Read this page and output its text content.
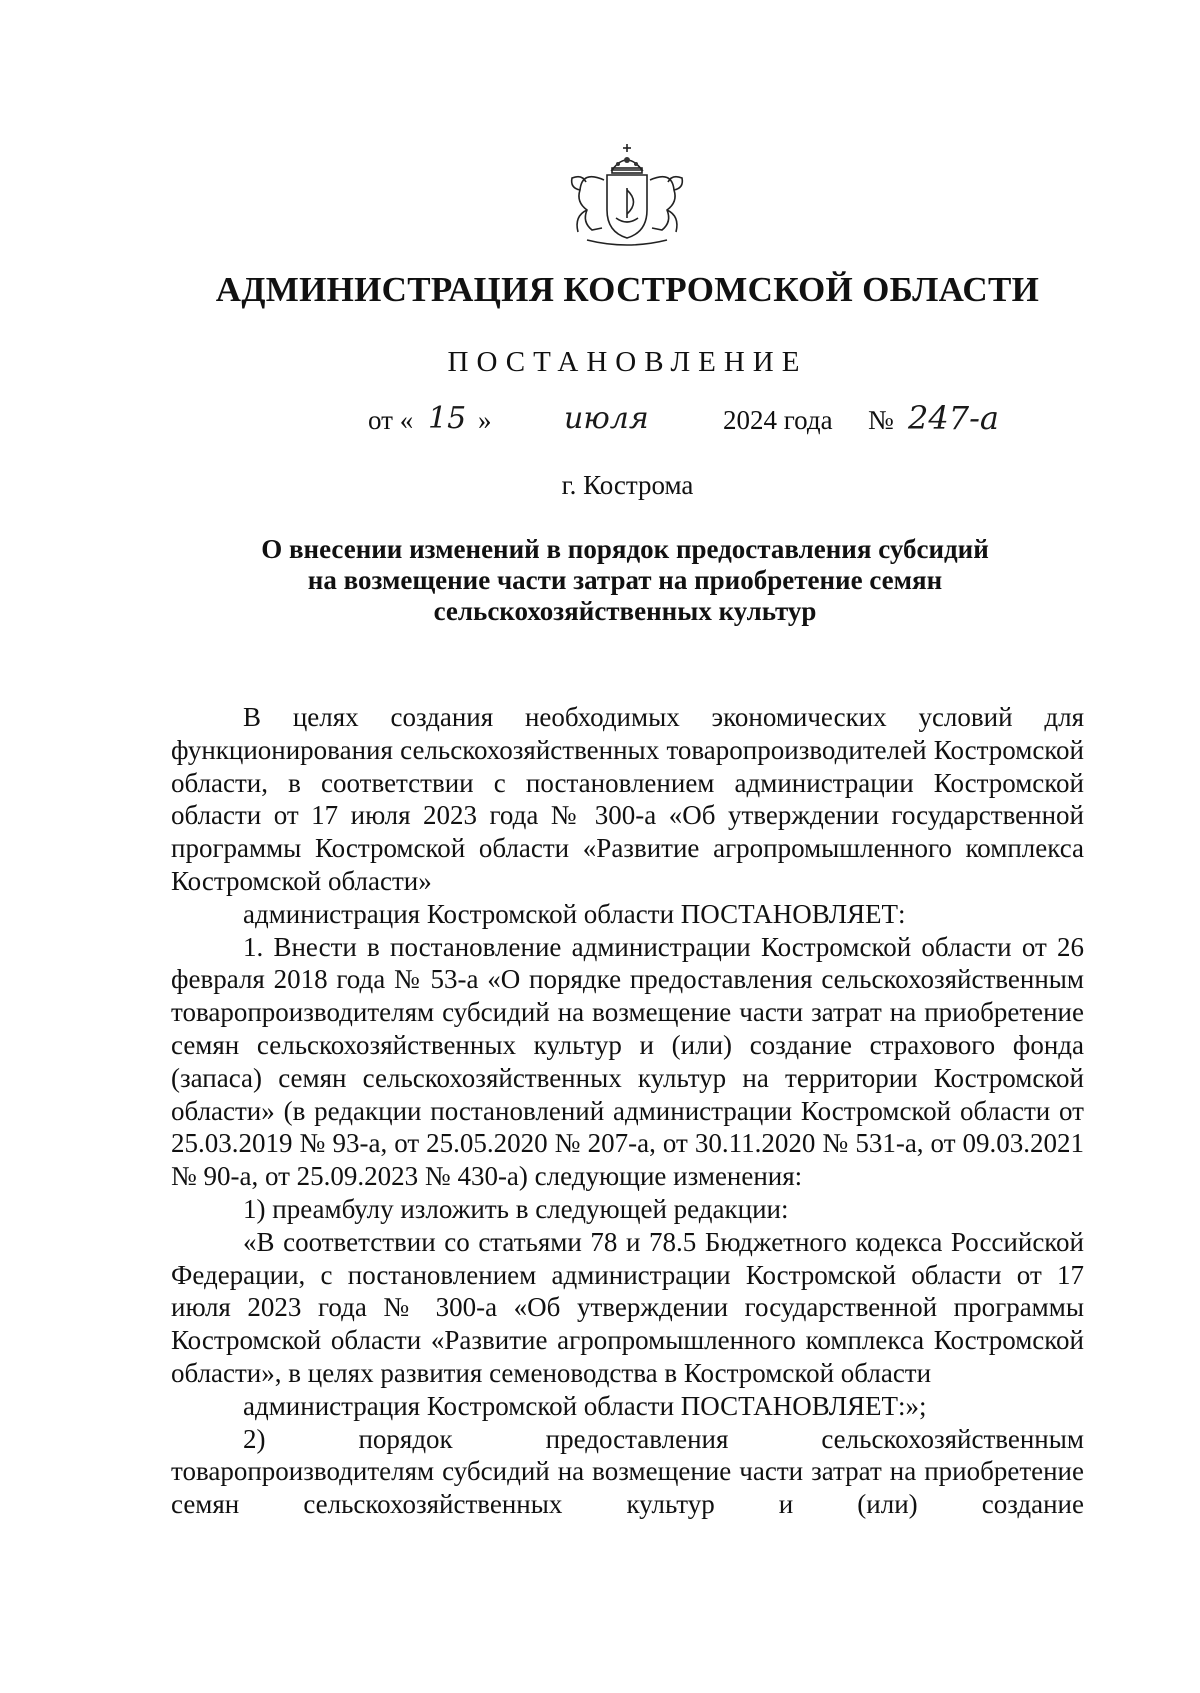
АДМИНИСТРАЦИЯ КОСТРОМСКОЙ ОБЛАСТИ
ПОСТАНОВЛЕНИЕ
от « 15 » июля	2024 года № 247-а
г. Кострома
О внесении изменений в порядок предоставления субсидий
на возмещение части затрат на приобретение семян
сельскохозяйственных культур

В целях создания необходимых экономических условий для функционирования сельскохозяйственных товаропроизводителей Костромской области, в соответствии с постановлением администрации Костромской области от 17 июля 2023 года № 300-а «Об утверждении государственной программы Костромской области «Развитие агропромышленного комплекса Костромской области»

администрация Костромской области ПОСТАНОВЛЯЕТ:

1. Внести в постановление администрации Костромской области от 26 февраля 2018 года № 53-а «О порядке предоставления сельскохозяйственным товаропроизводителям субсидий на возмещение части затрат на приобретение семян сельскохозяйственных культур и (или) создание страхового фонда (запаса) семян сельскохозяйственных культур на территории Костромской области» (в редакции постановлений администрации Костромской области от 25.03.2019 № 93-а, от 25.05.2020 № 207-а, от 30.11.2020 № 531-а, от 09.03.2021 № 90-а, от 25.09.2023 № 430-а) следующие изменения:

1) преамбулу изложить в следующей редакции:

«В соответствии со статьями 78 и 78.5 Бюджетного кодекса Российской Федерации, с постановлением администрации Костромской области от 17 июля 2023 года № 300-а «Об утверждении государственной программы Костромской области «Развитие агропромышленного комплекса Костромской области», в целях развития семеноводства в Костромской области

администрация Костромской области ПОСТАНОВЛЯЕТ:»;

2) порядок предоставления сельскохозяйственным товаропроизводителям субсидий на возмещение части затрат на приобретение семян сельскохозяйственных культур и (или) создание
